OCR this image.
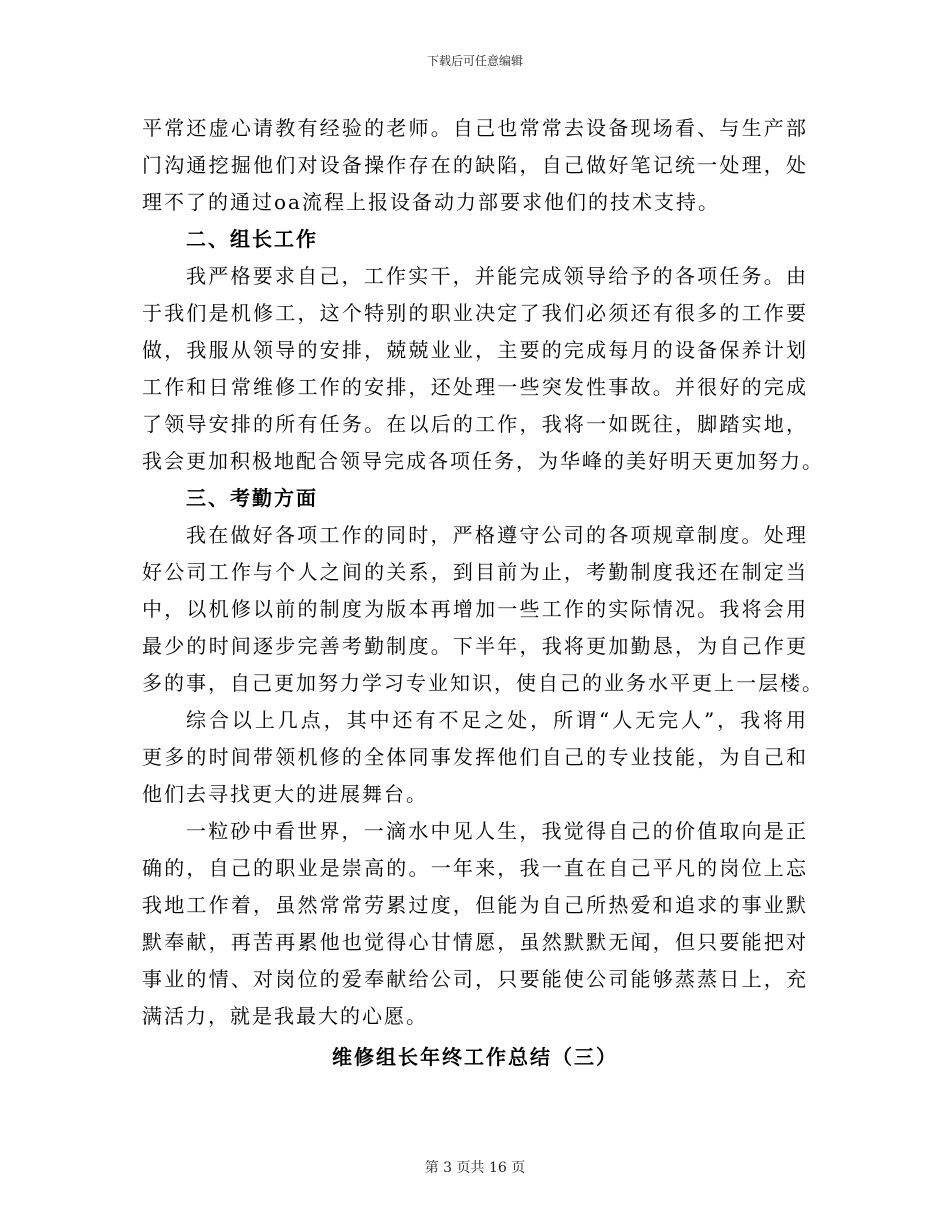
下载后可任意编辑

平常还虚心请教有经验的老师。自己也常常去设备现场看、与生产部
门沟通挖掘他们对设备操作存在的缺陷，自己做好笔记统一处理，处
理不了的通过oa流程上报设备动力部要求他们的技术支持。

二、组长工作

我严格要求自己，工作实干，并能完成领导给予的各项任务。由
于我们是机修工，这个特别的职业决定了我们必须还有很多的工作要
做，我服从领导的安排，兢兢业业，主要的完成每月的设备保养计划
工作和日常维修工作的安排，还处理一些突发性事故。并很好的完成
了领导安排的所有任务。在以后的工作，我将一如既往，脚踏实地，
我会更加积极地配合领导完成各项任务，为华峰的美好明天更加努力。

三、考勤方面

我在做好各项工作的同时，严格遵守公司的各项规章制度。处理
好公司工作与个人之间的关系，到目前为止，考勤制度我还在制定当
中，以机修以前的制度为版本再增加一些工作的实际情况。我将会用
最少的时间逐步完善考勤制度。下半年，我将更加勤恳，为自己作更
多的事，自己更加努力学习专业知识，使自己的业务水平更上一层楼。

综合以上几点，其中还有不足之处，所谓“人无完人”，我将用
更多的时间带领机修的全体同事发挥他们自己的专业技能，为自己和
他们去寻找更大的进展舞台。

一粒砂中看世界，一滴水中见人生，我觉得自己的价值取向是正
确的，自己的职业是崇高的。一年来，我一直在自己平凡的岗位上忘
我地工作着，虽然常常劳累过度，但能为自己所热爱和追求的事业默
默奉献，再苦再累他也觉得心甘情愿，虽然默默无闻，但只要能把对
事业的情、对岗位的爱奉献给公司，只要能使公司能够蒸蒸日上，充
满活力，就是我最大的心愿。

维修组长年终工作总结（三）
第 3 页共 16 页
